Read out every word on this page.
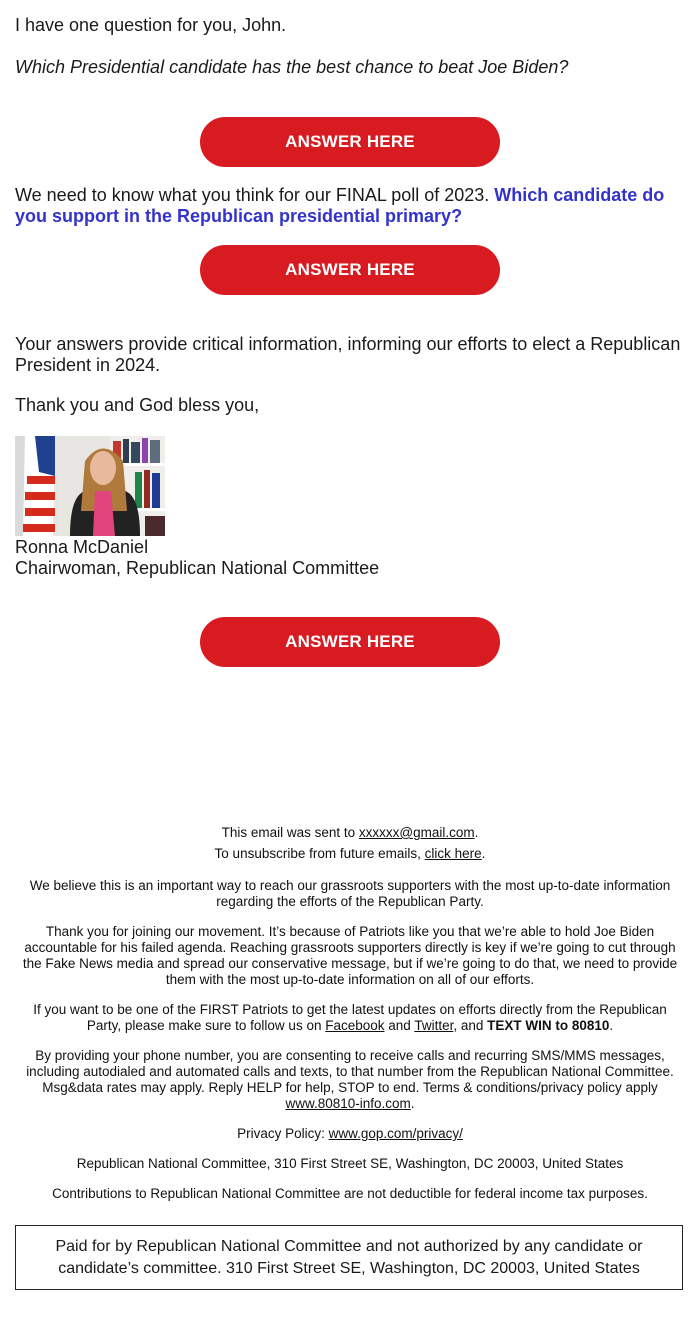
I have one question for you, John.

Which Presidential candidate has the best chance to beat Joe Biden?

ANSWER HERE

We need to know what you think for our FINAL poll of 2023. Which candidate do you support in the Republican presidential primary?

ANSWER HERE

Your answers provide critical information, informing our efforts to elect a Republican President in 2024.

Thank you and God bless you,

Ronna McDaniel

Chairwoman, Republican National Committee

ANSWER HERE

This email was sent to xxxxxx@gmail.com.

To unsubscribe from future emails, click here.

We believe this is an important way to reach our grassroots supporters with the most up-to-date information regarding the efforts of the Republican Party.

Thank you for joining our movement. It’s because of Patriots like you that we’re able to hold Joe Biden accountable for his failed agenda. Reaching grassroots supporters directly is key if we’re going to cut through the Fake News media and spread our conservative message, but if we’re going to do that, we need to provide them with the most up-to-date information on all of our efforts.

If you want to be one of the FIRST Patriots to get the latest updates on efforts directly from the Republican Party, please make sure to follow us on Facebook and Twitter, and TEXT WIN to 80810.

By providing your phone number, you are consenting to receive calls and recurring SMS/MMS messages, including autodialed and automated calls and texts, to that number from the Republican National Committee. Msg&data rates may apply. Reply HELP for help, STOP to end. Terms & conditions/privacy policy apply www.80810-info.com.

Privacy Policy: www.gop.com/privacy/

Republican National Committee, 310 First Street SE, Washington, DC 20003, United States

Contributions to Republican National Committee are not deductible for federal income tax purposes.

Paid for by Republican National Committee and not authorized by any candidate or candidate’s committee. 310 First Street SE, Washington, DC 20003, United States
